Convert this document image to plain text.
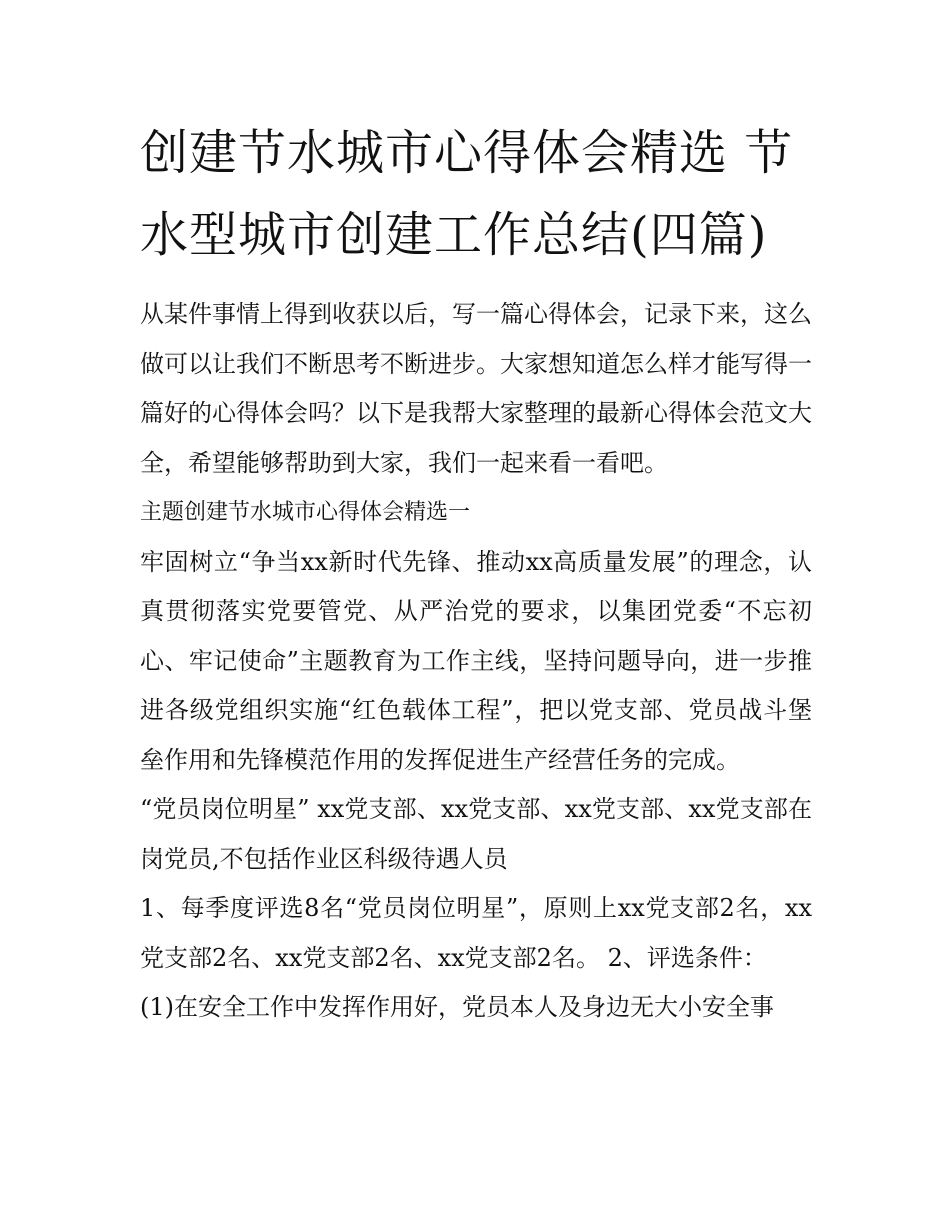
创建节水城市心得体会精选 节水型城市创建工作总结(四篇)

从某件事情上得到收获以后，写一篇心得体会，记录下来，这么做可以让我们不断思考不断进步。大家想知道怎么样才能写得一篇好的心得体会吗？以下是我帮大家整理的最新心得体会范文大全，希望能够帮助到大家，我们一起来看一看吧。

主题创建节水城市心得体会精选一

牢固树立“争当xx新时代先锋、推动xx高质量发展”的理念，认真贯彻落实党要管党、从严治党的要求，以集团党委“不忘初心、牢记使命”主题教育为工作主线，坚持问题导向，进一步推进各级党组织实施“红色载体工程”，把以党支部、党员战斗堡垒作用和先锋模范作用的发挥促进生产经营任务的完成。

“党员岗位明星” xx党支部、xx党支部、xx党支部、xx党支部在岗党员,不包括作业区科级待遇人员

1、每季度评选8名“党员岗位明星”，原则上xx党支部2名，xx党支部2名、xx党支部2名、xx党支部2名。 2、评选条件：

(1)在安全工作中发挥作用好，党员本人及身边无大小安全事
